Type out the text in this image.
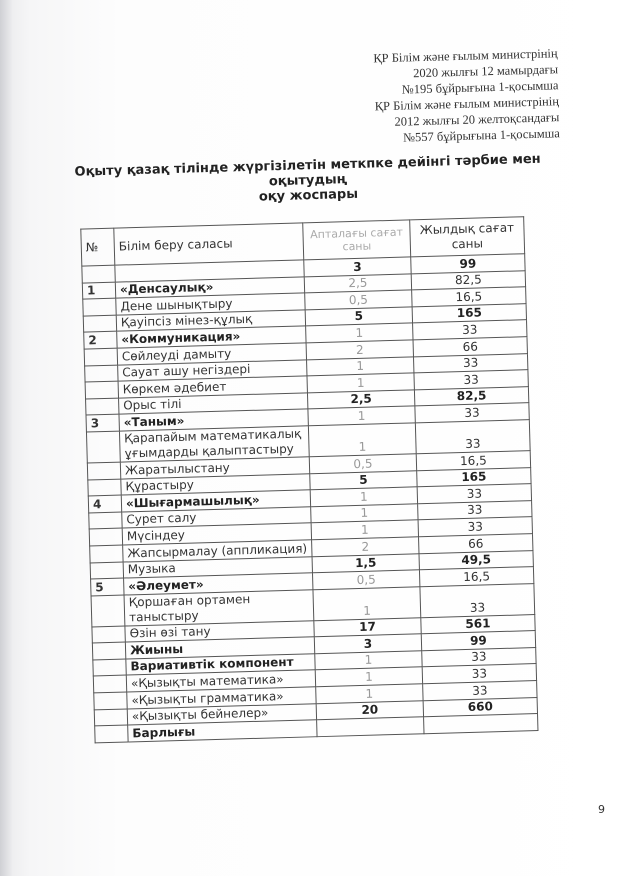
ҚР Білім және ғылым министрінің
2020 жылғы 12 мамырдағы
№195 бұйрығына 1-қосымша
ҚР Білім және ғылым министрінің
2012 жылғы 20 желтоқсандағы
№557 бұйрығына 1-қосымша
Оқыту қазақ тілінде жүргізілетін меткпке дейінгі тәрбие мен оқытудың
оқу жоспары
№	Білім беру саласы	Апталағы сағат саны	Жылдық сағат саны
		3	99
1	«Денсаулық»	2,5	82,5
	Дене шынықтыру	0,5	16,5
	Қауіпсіз мінез-құлық	5	165
2	«Коммуникация»	1	33
	Сөйлеуді дамыту	2	66
	Сауат ашу негіздері	1	33
	Көркем әдебиет	1	33
	Орыс тілі	2,5	82,5
3	«Таным»	1	33
	Қарапайым математикалық ұғымдарды қалыптастыру	1	33
	Жаратылыстану	0,5	16,5
	Құрастыру	5	165
4	«Шығармашылық»	1	33
	Сурет салу	1	33
	Мүсіндеу	1	33
	Жапсырмалау (аппликация)	2	66
	Музыка	1,5	49,5
5	«Әлеумет»	0,5	16,5
	Қоршаған ортамен таныстыру	1	33
	Өзін өзі тану	17	561
	Жиыны	3	99
	Вариативтік компонент	1	33
	«Қызықты математика»	1	33
	«Қызықты грамматика»	1	33
	«Қызықты бейнелер»	20	660
	Барлығы		
9
